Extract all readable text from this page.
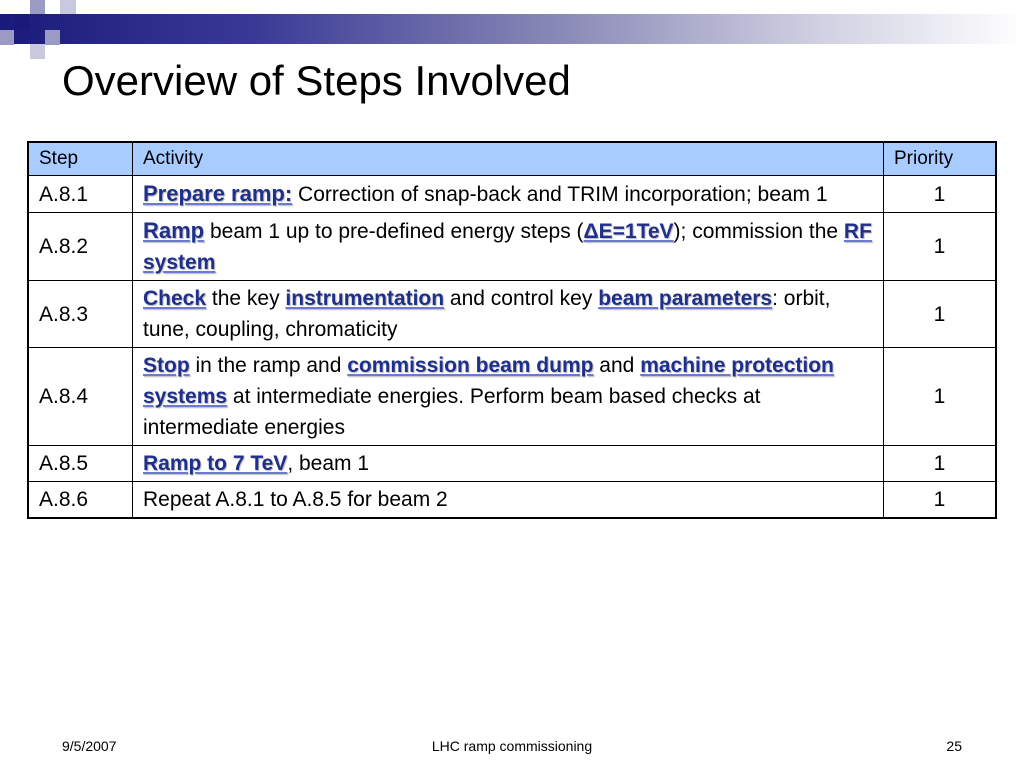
Overview of Steps Involved
Step	Activity	Priority
A.8.1	Prepare ramp: Correction of snap-back and TRIM incorporation; beam 1	1
A.8.2	Ramp beam 1 up to pre-defined energy steps (ΔE=1TeV); commission the RF system	1
A.8.3	Check the key instrumentation and control key beam parameters: orbit, tune, coupling, chromaticity	1
A.8.4	Stop in the ramp and commission beam dump and machine protection systems at intermediate energies. Perform beam based checks at intermediate energies	1
A.8.5	Ramp to 7 TeV, beam 1	1
A.8.6	Repeat A.8.1 to A.8.5 for beam 2	1
9/5/2007	LHC ramp commissioning	25
